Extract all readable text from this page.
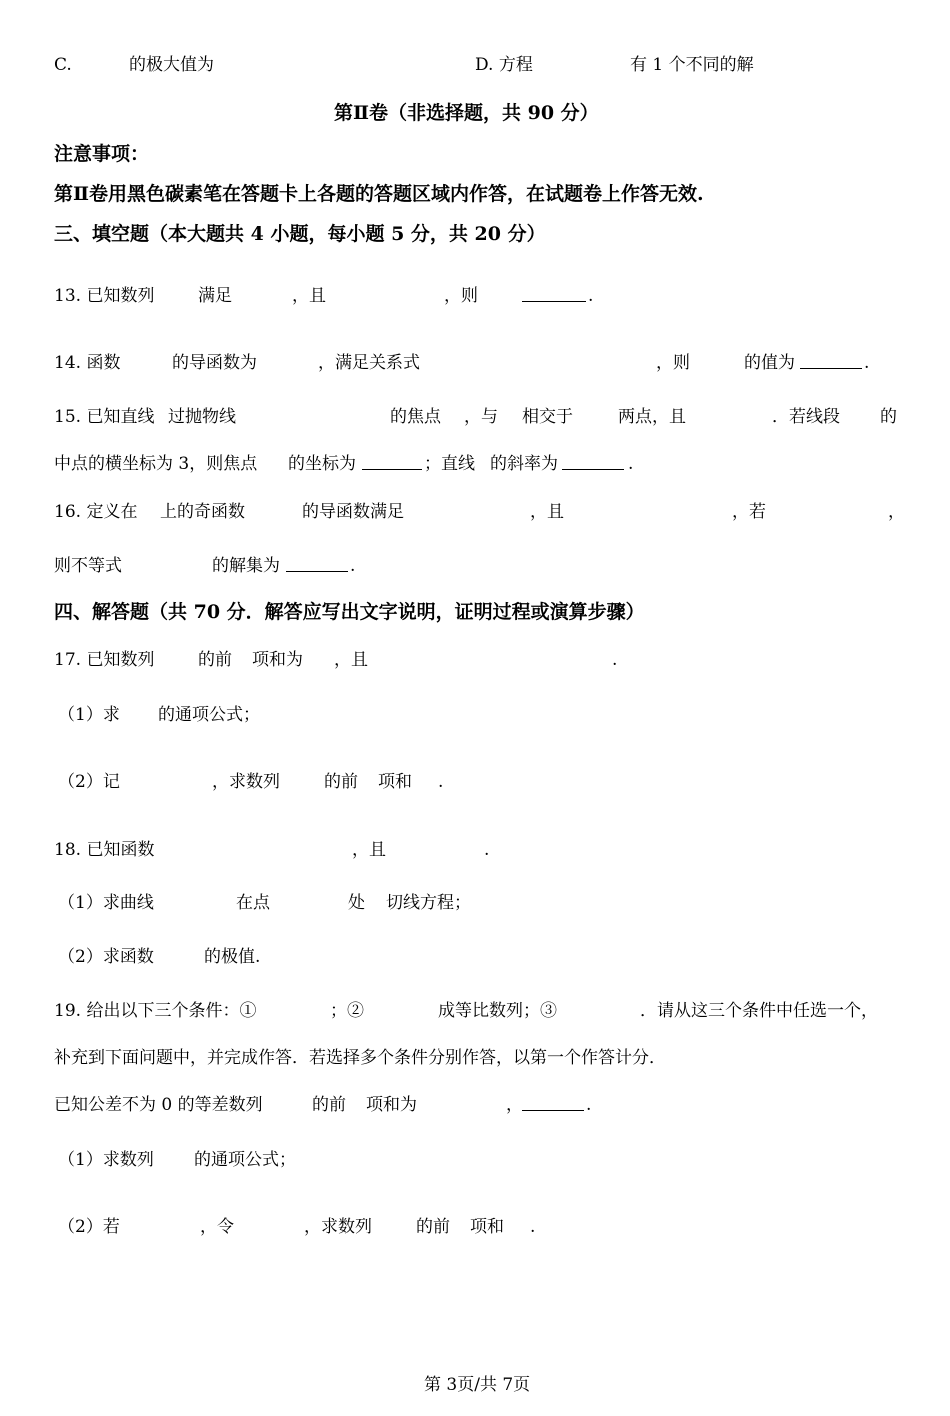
C.	的极大值为	D. 方程	有 1 个不同的解
第Ⅱ卷（非选择题，共 90 分）
注意事项：
第Ⅱ卷用黑色碳素笔在答题卡上各题的答题区域内作答，在试题卷上作答无效.
三、填空题（本大题共 4 小题，每小题 5 分，共 20 分）
13. 已知数列	满足	，且	，则	.
14. 函数	的导函数为	，满足关系式	，则	的值为	.
15. 已知直线 过抛物线	的焦点 ，与 相交于	两点，且	．若线段 的
中点的横坐标为 3，则焦点 的坐标为	；直线 的斜率为	.
16. 定义在 上的奇函数	的导函数满足	，且	，若	，
则不等式	的解集为	.
四、解答题（共 70 分．解答应写出文字说明，证明过程或演算步骤）
17. 已知数列	的前 项和为 ，且	.
（1）求 的通项公式；
（2）记	，求数列	的前 项和 .
18. 已知函数	，且	.
（1）求曲线	在点	处 切线方程；
（2）求函数	的极值.
19. 给出以下三个条件：①	；②	成等比数列；③	．请从这三个条件中任选一个，
补充到下面问题中，并完成作答．若选择多个条件分别作答，以第一个作答计分．
已知公差不为 0 的等差数列	的前 项和为	，	.
（1）求数列 的通项公式；
（2）若	，令	，求数列	的前 项和 .
第 3页/共 7页
